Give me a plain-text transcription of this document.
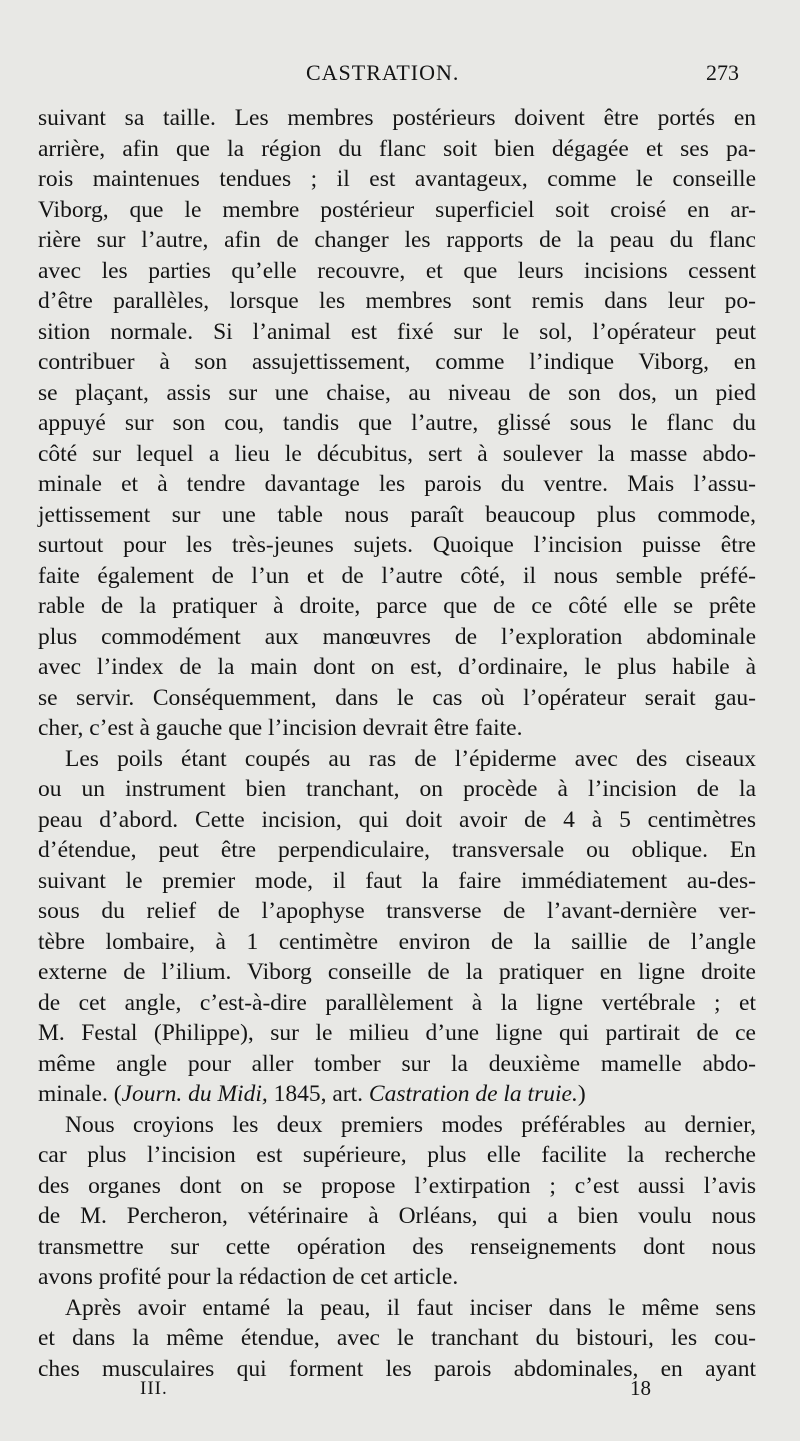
CASTRATION.	273
suivant sa taille. Les membres postérieurs doivent être portés en
arrière, afin que la région du flanc soit bien dégagée et ses pa-
rois maintenues tendues ; il est avantageux, comme le conseille
Viborg, que le membre postérieur superficiel soit croisé en ar-
rière sur l’autre, afin de changer les rapports de la peau du flanc
avec les parties qu’elle recouvre, et que leurs incisions cessent
d’être parallèles, lorsque les membres sont remis dans leur po-
sition normale. Si l’animal est fixé sur le sol, l’opérateur peut
contribuer à son assujettissement, comme l’indique Viborg, en
se plaçant, assis sur une chaise, au niveau de son dos, un pied
appuyé sur son cou, tandis que l’autre, glissé sous le flanc du
côté sur lequel a lieu le décubitus, sert à soulever la masse abdo-
minale et à tendre davantage les parois du ventre. Mais l’assu-
jettissement sur une table nous paraît beaucoup plus commode,
surtout pour les très-jeunes sujets. Quoique l’incision puisse être
faite également de l’un et de l’autre côté, il nous semble préfé-
rable de la pratiquer à droite, parce que de ce côté elle se prête
plus commodément aux manœuvres de l’exploration abdominale
avec l’index de la main dont on est, d’ordinaire, le plus habile à
se servir. Conséquemment, dans le cas où l’opérateur serait gau-
cher, c’est à gauche que l’incision devrait être faite.
Les poils étant coupés au ras de l’épiderme avec des ciseaux
ou un instrument bien tranchant, on procède à l’incision de la
peau d’abord. Cette incision, qui doit avoir de 4 à 5 centimètres
d’étendue, peut être perpendiculaire, transversale ou oblique. En
suivant le premier mode, il faut la faire immédiatement au-des-
sous du relief de l’apophyse transverse de l’avant-dernière ver-
tèbre lombaire, à 1 centimètre environ de la saillie de l’angle
externe de l’ilium. Viborg conseille de la pratiquer en ligne droite
de cet angle, c’est-à-dire parallèlement à la ligne vertébrale ; et
M. Festal (Philippe), sur le milieu d’une ligne qui partirait de ce
même angle pour aller tomber sur la deuxième mamelle abdo-
minale. (Journ. du Midi, 1845, art. Castration de la truie.)
Nous croyions les deux premiers modes préférables au dernier,
car plus l’incision est supérieure, plus elle facilite la recherche
des organes dont on se propose l’extirpation ; c’est aussi l’avis
de M. Percheron, vétérinaire à Orléans, qui a bien voulu nous
transmettre sur cette opération des renseignements dont nous
avons profité pour la rédaction de cet article.
Après avoir entamé la peau, il faut inciser dans le même sens
et dans la même étendue, avec le tranchant du bistouri, les cou-
ches musculaires qui forment les parois abdominales, en ayant
III.	18
